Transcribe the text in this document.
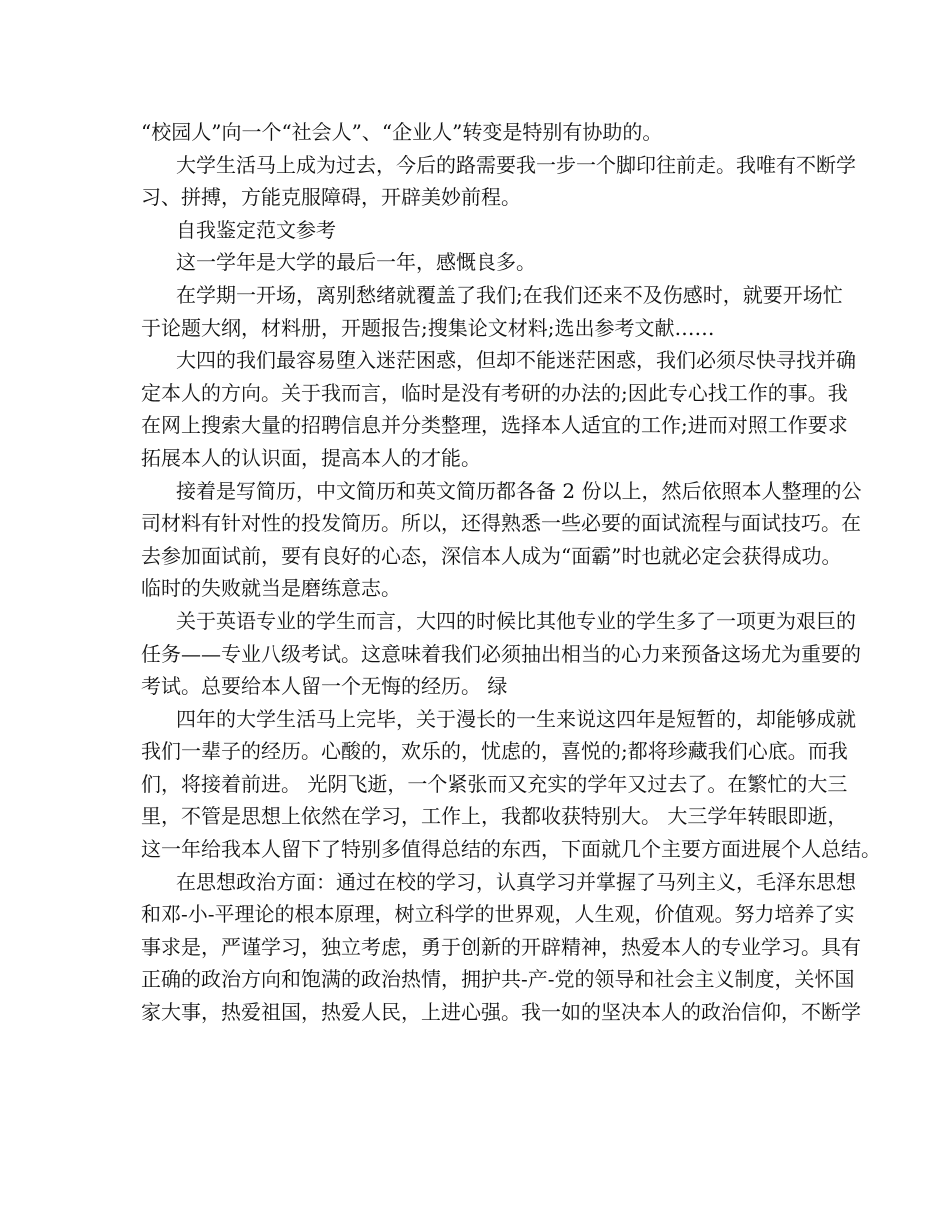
“校园人”向一个“社会人”、“企业人”转变是特别有协助的。
大学生活马上成为过去，今后的路需要我一步一个脚印往前走。我唯有不断学
习、拼搏，方能克服障碍，开辟美妙前程。
自我鉴定范文参考
这一学年是大学的最后一年，感慨良多。
在学期一开场，离别愁绪就覆盖了我们;在我们还来不及伤感时，就要开场忙
于论题大纲，材料册，开题报告;搜集论文材料;选出参考文献……
大四的我们最容易堕入迷茫困惑，但却不能迷茫困惑，我们必须尽快寻找并确
定本人的方向。关于我而言，临时是没有考研的办法的;因此专心找工作的事。我
在网上搜索大量的招聘信息并分类整理，选择本人适宜的工作;进而对照工作要求
拓展本人的认识面，提高本人的才能。
接着是写简历，中文简历和英文简历都各备 2 份以上，然后依照本人整理的公
司材料有针对性的投发简历。所以，还得熟悉一些必要的面试流程与面试技巧。在
去参加面试前，要有良好的心态，深信本人成为“面霸”时也就必定会获得成功。
临时的失败就当是磨练意志。
关于英语专业的学生而言，大四的时候比其他专业的学生多了一项更为艰巨的
任务——专业八级考试。这意味着我们必须抽出相当的心力来预备这场尤为重要的
考试。总要给本人留一个无悔的经历。 绿
四年的大学生活马上完毕，关于漫长的一生来说这四年是短暂的，却能够成就
我们一辈子的经历。心酸的，欢乐的，忧虑的，喜悦的;都将珍藏我们心底。而我
们，将接着前进。 光阴飞逝，一个紧张而又充实的学年又过去了。在繁忙的大三
里，不管是思想上依然在学习，工作上，我都收获特别大。 大三学年转眼即逝，
这一年给我本人留下了特别多值得总结的东西，下面就几个主要方面进展个人总结。
在思想政治方面：通过在校的学习，认真学习并掌握了马列主义，毛泽东思想
和邓-小-平理论的根本原理，树立科学的世界观，人生观，价值观。努力培养了实
事求是，严谨学习，独立考虑，勇于创新的开辟精神，热爱本人的专业学习。具有
正确的政治方向和饱满的政治热情，拥护共-产-党的领导和社会主义制度，关怀国
家大事，热爱祖国，热爱人民，上进心强。我一如的坚决本人的政治信仰，不断学
